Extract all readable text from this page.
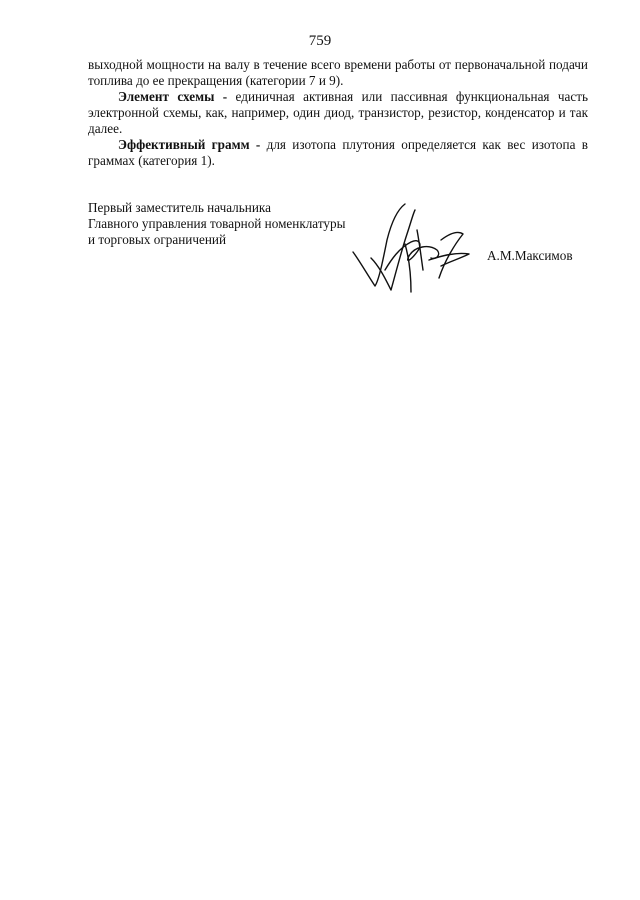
759

выходной мощности на валу в течение всего времени работы от первоначальной подачи топлива до ее прекращения (категории 7 и 9).

Элемент схемы - единичная активная или пассивная функциональная часть электронной схемы, как, например, один диод, транзистор, резистор, конденсатор и так далее.

Эффективный грамм - для изотопа плутония определяется как вес изотопа в граммах (категория 1).

Первый заместитель начальника
Главного управления товарной номенклатуры
и торговых ограничений
А.М.Максимов
